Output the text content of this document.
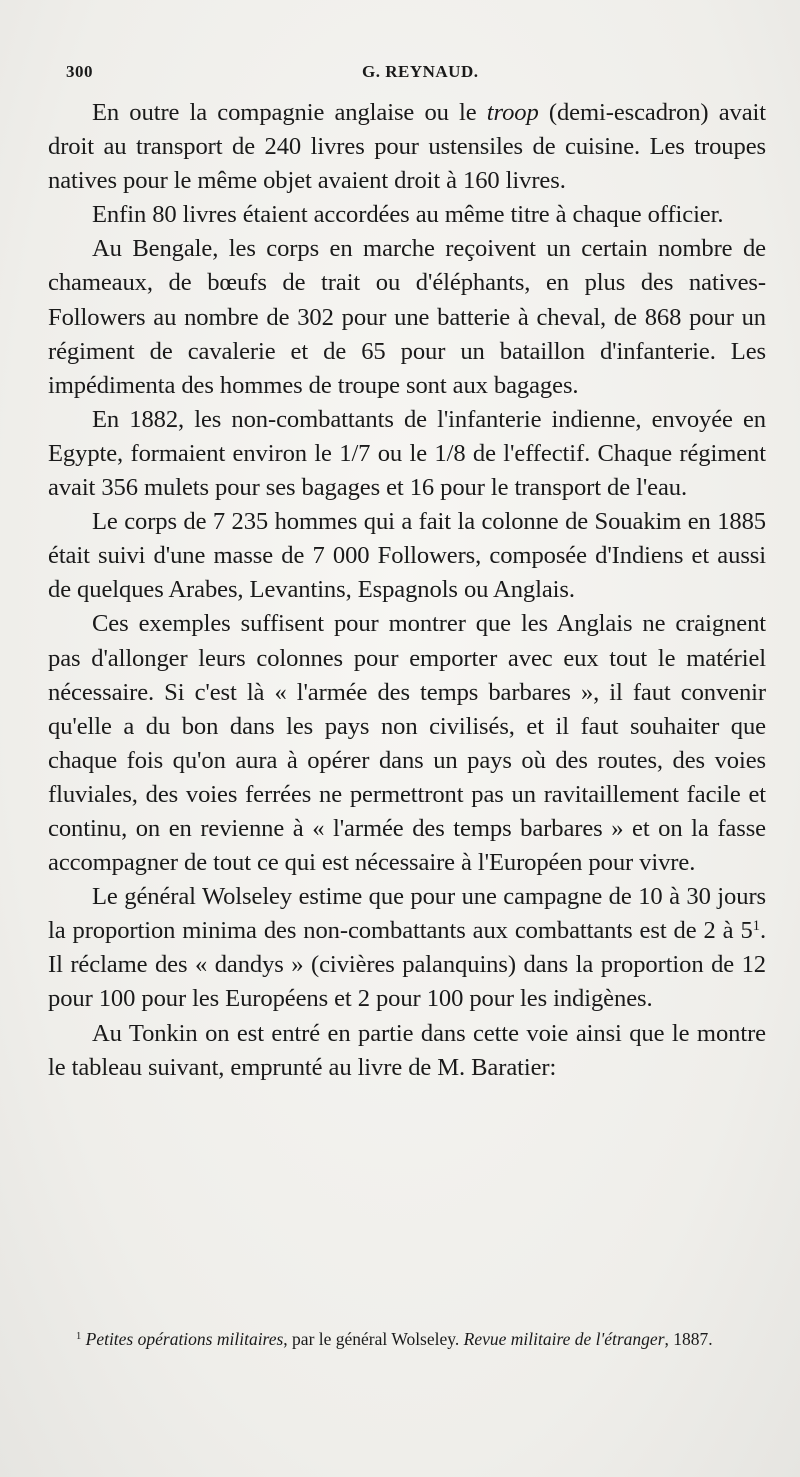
300	G. REYNAUD.

En outre la compagnie anglaise ou le troop (demi-escadron) avait droit au transport de 240 livres pour ustensiles de cuisine. Les troupes natives pour le même objet avaient droit à 160 livres.

Enfin 80 livres étaient accordées au même titre à chaque officier.

Au Bengale, les corps en marche reçoivent un certain nombre de chameaux, de bœufs de trait ou d'éléphants, en plus des natives-Followers au nombre de 302 pour une batterie à cheval, de 868 pour un régiment de cavalerie et de 65 pour un bataillon d'infanterie. Les impédimenta des hommes de troupe sont aux bagages.

En 1882, les non-combattants de l'infanterie indienne, envoyée en Egypte, formaient environ le 1/7 ou le 1/8 de l'effectif. Chaque régiment avait 356 mulets pour ses bagages et 16 pour le transport de l'eau.

Le corps de 7 235 hommes qui a fait la colonne de Souakim en 1885 était suivi d'une masse de 7 000 Followers, composée d'Indiens et aussi de quelques Arabes, Levantins, Espagnols ou Anglais.

Ces exemples suffisent pour montrer que les Anglais ne craignent pas d'allonger leurs colonnes pour emporter avec eux tout le matériel nécessaire. Si c'est là « l'armée des temps barbares », il faut convenir qu'elle a du bon dans les pays non civilisés, et il faut souhaiter que chaque fois qu'on aura à opérer dans un pays où des routes, des voies fluviales, des voies ferrées ne permettront pas un ravitaillement facile et continu, on en revienne à « l'armée des temps barbares » et on la fasse accompagner de tout ce qui est nécessaire à l'Européen pour vivre.

Le général Wolseley estime que pour une campagne de 10 à 30 jours la proportion minima des non-combattants aux combattants est de 2 à $5^1$. Il réclame des « dandys » (civières palanquins) dans la proportion de 12 pour 100 pour les Européens et 2 pour 100 pour les indigènes.

Au Tonkin on est entré en partie dans cette voie ainsi que le montre le tableau suivant, emprunté au livre de M. Baratier:

$^1$ Petites opérations militaires, par le général Wolseley. Revue militaire de l'étranger, 1887.
